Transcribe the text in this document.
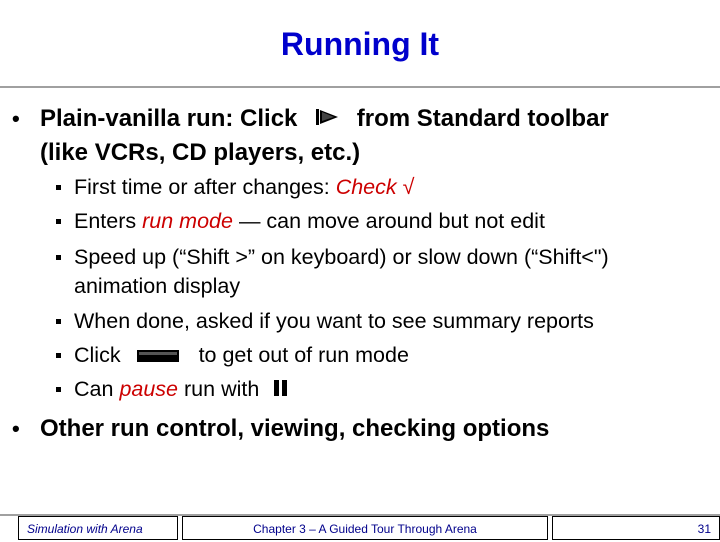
Running It
• Plain-vanilla run: Click from Standard toolbar
(like VCRs, CD players, etc.)
First time or after changes: Check √
Enters run mode — can move around but not edit
Speed up (“Shift >” on keyboard) or slow down (“Shift<")
animation display
When done, asked if you want to see summary reports
Click	to get out of run mode
Can pause run with
• Other run control, viewing, checking options
Simulation with Arena	Chapter 3 – A Guided Tour Through Arena	31
